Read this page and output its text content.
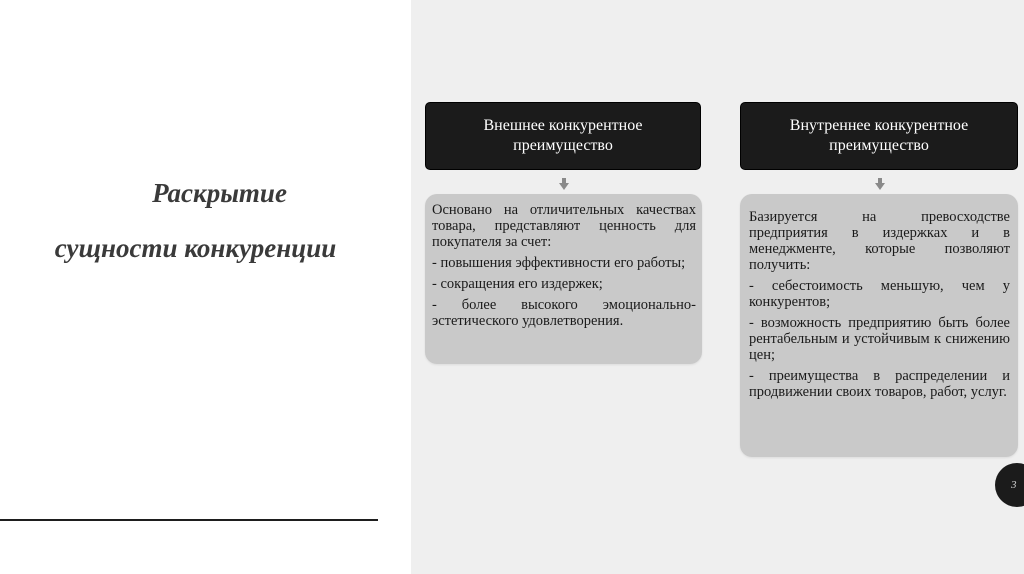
Раскрытие
сущности конкуренции
Внешнее конкурентное преимущество
Внутреннее конкурентное преимущество

Основано на отличительных качествах товара, представляют ценность для покупателя за счет:

- повышения эффективности его работы;

- сокращения его издержек;

- более высокого эмоционально-эстетического удовлетворения.

Базируется на превосходстве предприятия в издержках и в менеджменте, которые позволяют получить:

- себестоимость меньшую, чем у конкурентов;

- возможность предприятию быть более рентабельным и устойчивым к снижению цен;

- преимущества в распределении и продвижении своих товаров, работ, услуг.

3
